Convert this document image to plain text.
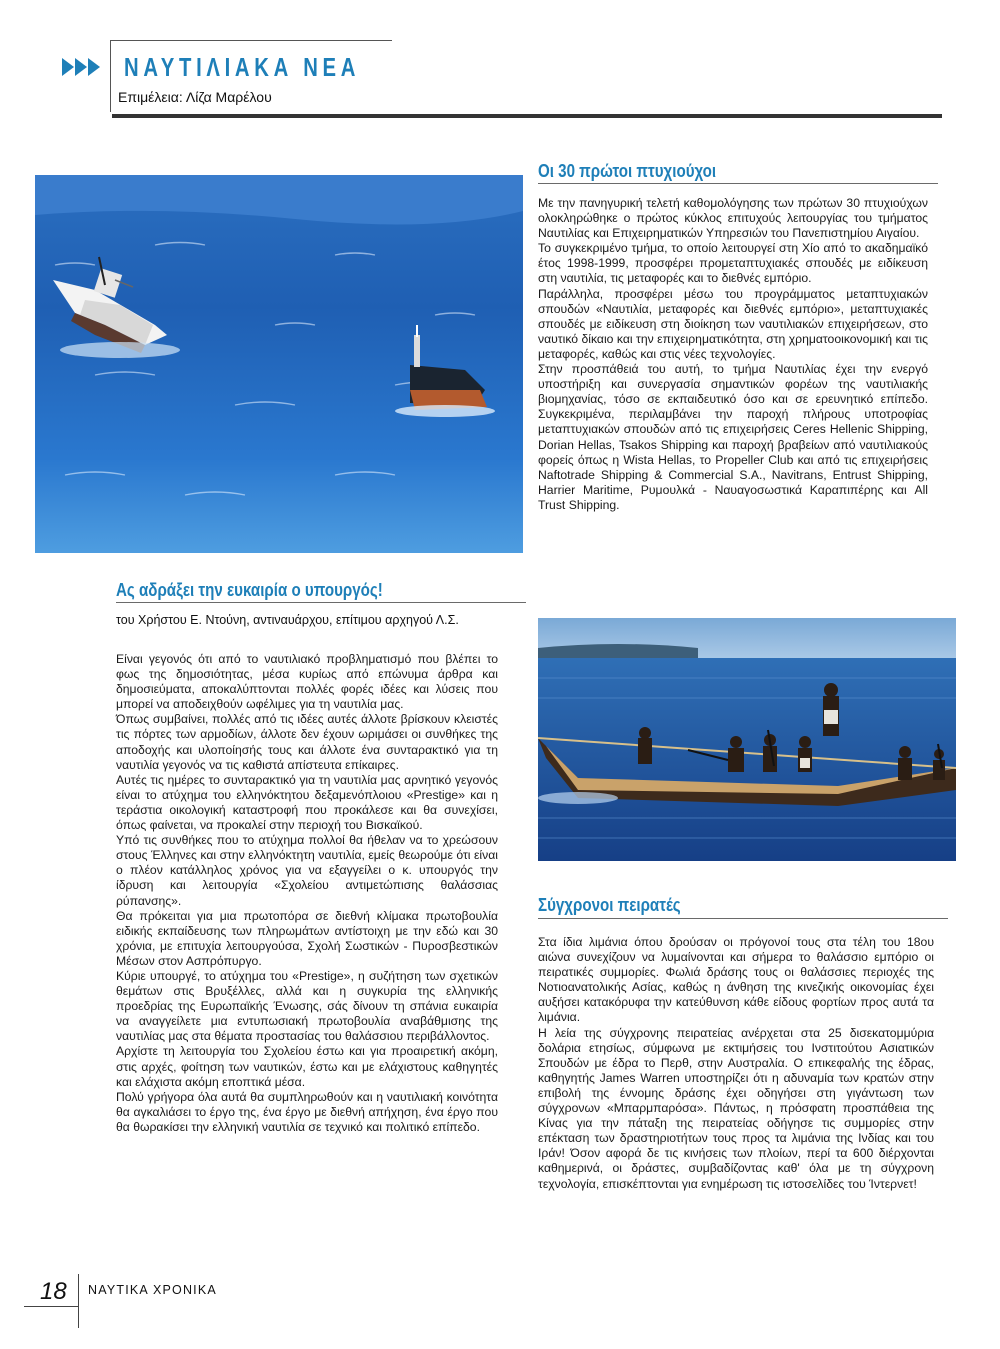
ΝΑΥΤΙΛΙΑΚΑ ΝΕΑ
Επιμέλεια: Λίζα Μαρέλου
Ας αδράξει την ευκαιρία ο υπουργός!
του Χρήστου Ε. Ντούνη, αντιναυάρχου, επίτιμου αρχηγού Λ.Σ.

Είναι γεγονός ότι από το ναυτιλιακό προβληματισμό που βλέπει το φως της δημοσιότητας, μέσα κυρίως από επώνυμα άρθρα και δημοσιεύματα, αποκαλύπτονται πολλές φορές ιδέες και λύσεις που μπορεί να αποδειχθούν ωφέλιμες για τη ναυτιλία μας.

Όπως συμβαίνει, πολλές από τις ιδέες αυτές άλλοτε βρίσκουν κλειστές τις πόρτες των αρμοδίων, άλλοτε δεν έχουν ωριμάσει οι συνθήκες της αποδοχής και υλοποίησής τους και άλλοτε ένα συνταρακτικό για τη ναυτιλία γεγονός να τις καθιστά απίστευτα επίκαιρες.

Αυτές τις ημέρες το συνταρακτικό για τη ναυτιλία μας αρνητικό γεγονός είναι το ατύχημα του ελληνόκτητου δεξαμενόπλοιου «Prestige» και η τεράστια οικολογική καταστροφή που προκάλεσε και θα συνεχίσει, όπως φαίνεται, να προκαλεί στην περιοχή του Βισκαϊκού.

Υπό τις συνθήκες που το ατύχημα πολλοί θα ήθελαν να το χρεώσουν στους Έλληνες και στην ελληνόκτητη ναυτιλία, εμείς θεωρούμε ότι είναι ο πλέον κατάλληλος χρόνος για να εξαγγείλει ο κ. υπουργός την ίδρυση και λειτουργία «Σχολείου αντιμετώπισης θαλάσσιας ρύπανσης».

Θα πρόκειται για μια πρωτοπόρα σε διεθνή κλίμακα πρωτοβουλία ειδικής εκπαίδευσης των πληρωμάτων αντίστοιχη με την εδώ και 30 χρόνια, με επιτυχία λειτουργούσα, Σχολή Σωστικών - Πυροσβεστικών Μέσων στον Ασπρόπυργο.

Κύριε υπουργέ, το ατύχημα του «Prestige», η συζήτηση των σχετικών θεμάτων στις Βρυξέλλες, αλλά και η συγκυρία της ελληνικής προεδρίας της Ευρωπαϊκής Ένωσης, σάς δίνουν τη σπάνια ευκαιρία να αναγγείλετε μια εντυπωσιακή πρωτοβουλία αναβάθμισης της ναυτιλίας μας στα θέματα προστασίας του θαλάσσιου περιβάλλοντος.

Αρχίστε τη λειτουργία του Σχολείου έστω και για προαιρετική ακόμη, στις αρχές, φοίτηση των ναυτικών, έστω και με ελάχιστους καθηγητές και ελάχιστα ακόμη εποπτικά μέσα.

Πολύ γρήγορα όλα αυτά θα συμπληρωθούν και η ναυτιλιακή κοινότητα θα αγκαλιάσει το έργο της, ένα έργο με διεθνή απήχηση, ένα έργο που θα θωρακίσει την ελληνική ναυτιλία σε τεχνικό και πολιτικό επίπεδο.

Οι 30 πρώτοι πτυχιούχοι

Με την πανηγυρική τελετή καθομολόγησης των πρώτων 30 πτυχιούχων ολοκληρώθηκε ο πρώτος κύκλος επιτυχούς λειτουργίας του τμήματος Ναυτιλίας και Επιχειρηματικών Υπηρεσιών του Πανεπιστημίου Αιγαίου.

Το συγκεκριμένο τμήμα, το οποίο λειτουργεί στη Χίο από το ακαδημαϊκό έτος 1998-1999, προσφέρει προμεταπτυχιακές σπουδές με ειδίκευση στη ναυτιλία, τις μεταφορές και το διεθνές εμπόριο.

Παράλληλα, προσφέρει μέσω του προγράμματος μεταπτυχιακών σπουδών «Ναυτιλία, μεταφορές και διεθνές εμπόριο», μεταπτυχιακές σπουδές με ειδίκευση στη διοίκηση των ναυτιλιακών επιχειρήσεων, στο ναυτικό δίκαιο και την επιχειρηματικότητα, στη χρηματοοικονομική και τις μεταφορές, καθώς και στις νέες τεχνολογίες.

Στην προσπάθειά του αυτή, το τμήμα Ναυτιλίας έχει την ενεργό υποστήριξη και συνεργασία σημαντικών φορέων της ναυτιλιακής βιομηχανίας, τόσο σε εκπαιδευτικό όσο και σε ερευνητικό επίπεδο. Συγκεκριμένα, περιλαμβάνει την παροχή πλήρους υποτροφίας μεταπτυχιακών σπουδών από τις επιχειρήσεις Ceres Hellenic Shipping, Dorian Hellas, Tsakos Shipping και παροχή βραβείων από ναυτιλιακούς φορείς όπως η Wista Hellas, το Propeller Club και από τις επιχειρήσεις Naftotrade Shipping & Commercial S.A., Navitrans, Entrust Shipping, Harrier Maritime, Ρυμουλκά - Ναυαγοσωστικά Καραπιπέρης και All Trust Shipping.

Σύγχρονοι πειρατές

Στα ίδια λιμάνια όπου δρούσαν οι πρόγονοί τους στα τέλη του 18ου αιώνα συνεχίζουν να λυμαίνονται και σήμερα το θαλάσσιο εμπόριο οι πειρατικές συμμορίες. Φωλιά δράσης τους οι θαλάσσιες περιοχές της Νοτιοανατολικής Ασίας, καθώς η άνθηση της κινεζικής οικονομίας έχει αυξήσει κατακόρυφα την κατεύθυνση κάθε είδους φορτίων προς αυτά τα λιμάνια.

Η λεία της σύγχρονης πειρατείας ανέρχεται στα 25 δισεκατομμύρια δολάρια ετησίως, σύμφωνα με εκτιμήσεις του Ινστιτούτου Ασιατικών Σπουδών με έδρα το Περθ, στην Αυστραλία. Ο επικεφαλής της έδρας, καθηγητής James Warren υποστηρίζει ότι η αδυναμία των κρατών στην επιβολή της έννομης δράσης έχει οδηγήσει στη γιγάντωση των σύγχρονων «Μπαρμπαρόσα». Πάντως, η πρόσφατη προσπάθεια της Κίνας για την πάταξη της πειρατείας οδήγησε τις συμμορίες στην επέκταση των δραστηριοτήτων τους προς τα λιμάνια της Ινδίας και του Ιράν! Όσον αφορά δε τις κινήσεις των πλοίων, περί τα 600 διέρχονται καθημερινά, οι δράστες, συμβαδίζοντας καθ' όλα με τη σύγχρονη τεχνολογία, επισκέπτονται για ενημέρωση τις ιστοσελίδες του Ίντερνετ!

18 ΝΑΥΤΙΚΑ ΧΡΟΝΙΚΑ
